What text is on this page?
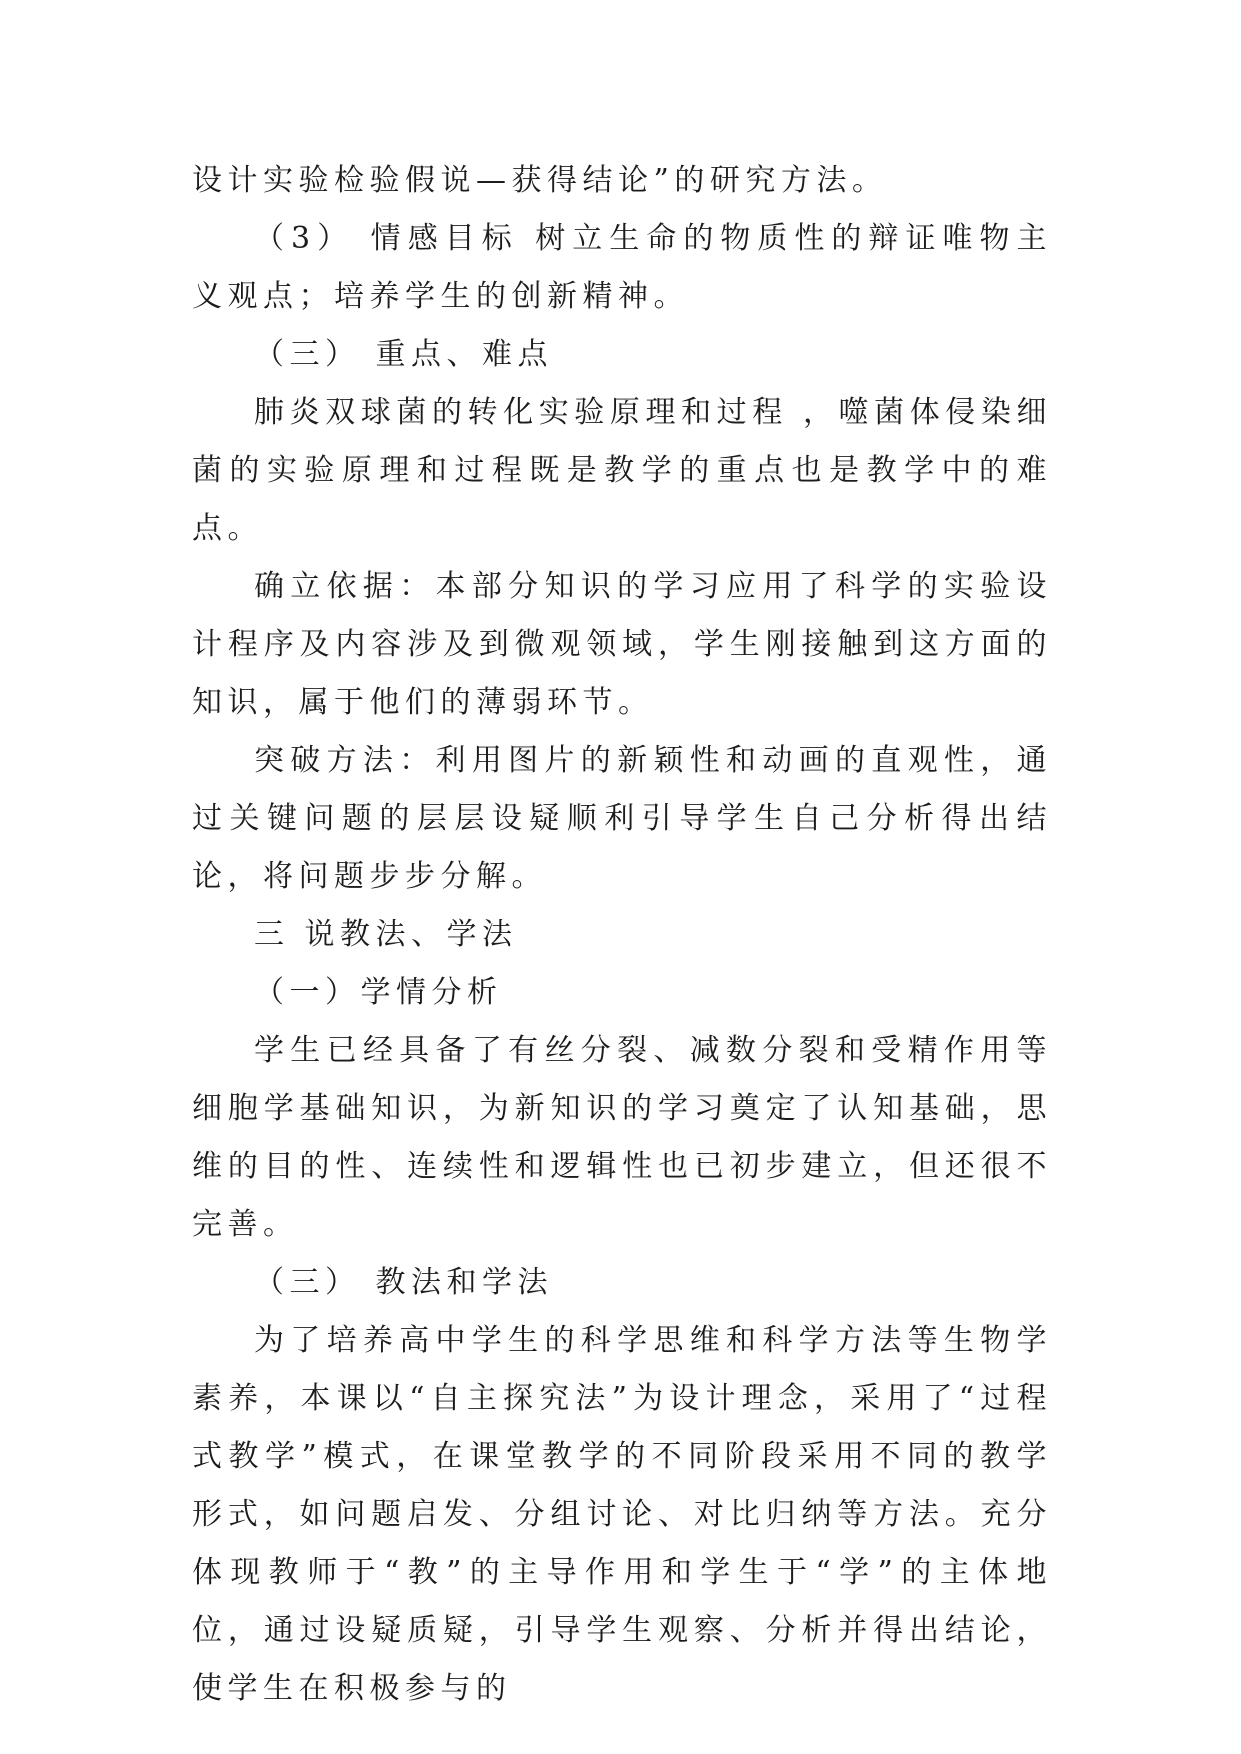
设计实验检验假说—获得结论”的研究方法。

（3） 情感目标 树立生命的物质性的辩证唯物主义观点；培养学生的创新精神。

（三） 重点、难点

肺炎双球菌的转化实验原理和过程 ，噬菌体侵染细菌的实验原理和过程既是教学的重点也是教学中的难点。

确立依据：本部分知识的学习应用了科学的实验设计程序及内容涉及到微观领域，学生刚接触到这方面的知识，属于他们的薄弱环节。

突破方法：利用图片的新颖性和动画的直观性，通过关键问题的层层设疑顺利引导学生自己分析得出结论，将问题步步分解。

三 说教法、学法

（一）学情分析

学生已经具备了有丝分裂、减数分裂和受精作用等细胞学基础知识，为新知识的学习奠定了认知基础，思维的目的性、连续性和逻辑性也已初步建立，但还很不完善。

（三） 教法和学法

为了培养高中学生的科学思维和科学方法等生物学素养，本课以“自主探究法”为设计理念，采用了“过程式教学”模式，在课堂教学的不同阶段采用不同的教学形式，如问题启发、分组讨论、对比归纳等方法。充分体现教师于“教”的主导作用和学生于“学”的主体地位，通过设疑质疑，引导学生观察、分析并得出结论，使学生在积极参与的
